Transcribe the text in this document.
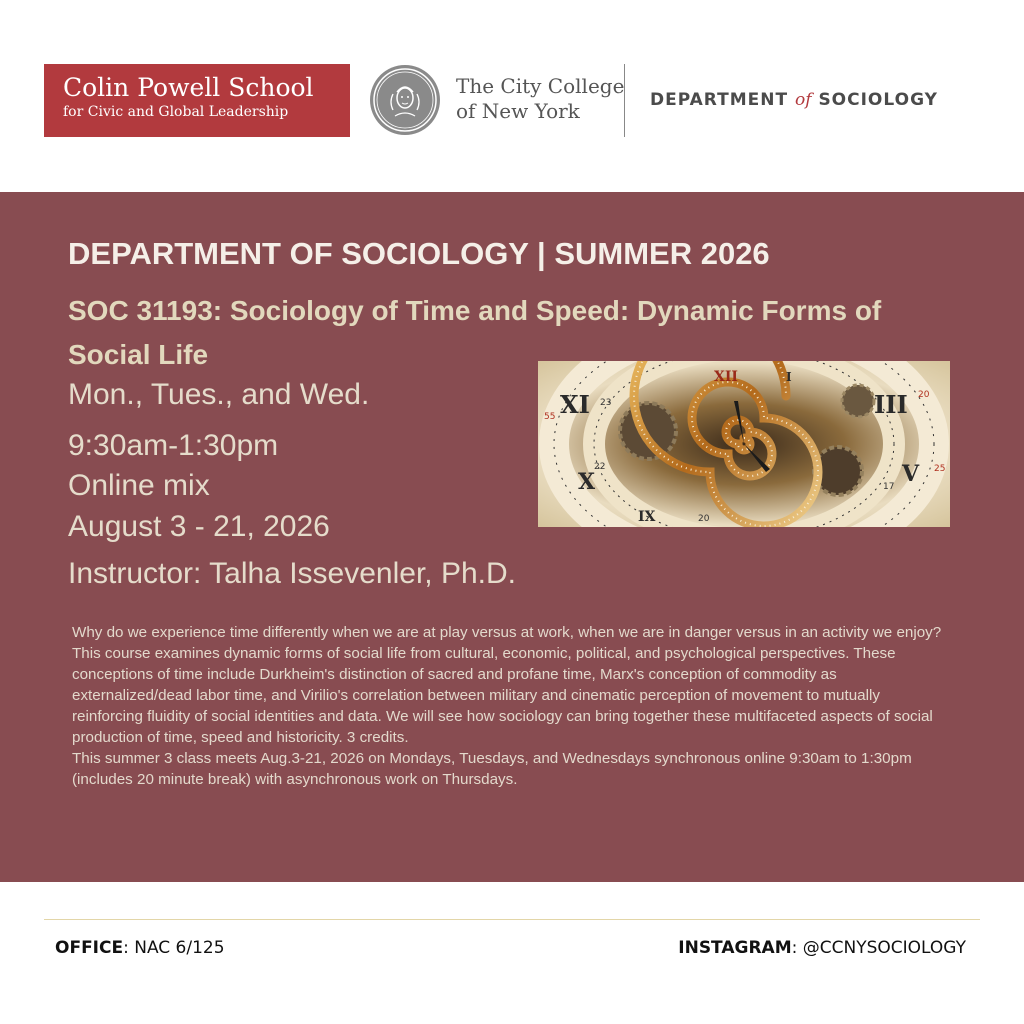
Colin Powell School
for Civic and Global Leadership
The City College
of New York	DEPARTMENT of SOCIOLOGY
DEPARTMENT OF SOCIOLOGY | SUMMER 2026
SOC 31193: Sociology of Time and Speed: Dynamic Forms of Social Life
Mon., Tues., and Wed.
9:30am-1:30pm
Online mix
August 3 - 21, 2026
Instructor: Talha Issevenler, Ph.D.
XI
X
III
V
XII	I
IX
23
22
17
20
55
25
20

Why do we experience time differently when we are at play versus at work, when we are in danger versus in an activity we enjoy? This course examines dynamic forms of social life from cultural, economic, political, and psychological perspectives. These conceptions of time include Durkheim's distinction of sacred and profane time, Marx's conception of commodity as externalized/dead labor time, and Virilio's correlation between military and cinematic perception of movement to mutually reinforcing fluidity of social identities and data. We will see how sociology can bring together these multifaceted aspects of social production of time, speed and historicity. 3 credits.

This summer 3 class meets Aug.3-21, 2026 on Mondays, Tuesdays, and Wednesdays synchronous online 9:30am to 1:30pm (includes 20 minute break) with asynchronous work on Thursdays.

OFFICE: NAC 6/125	INSTAGRAM: @CCNYSOCIOLOGY
